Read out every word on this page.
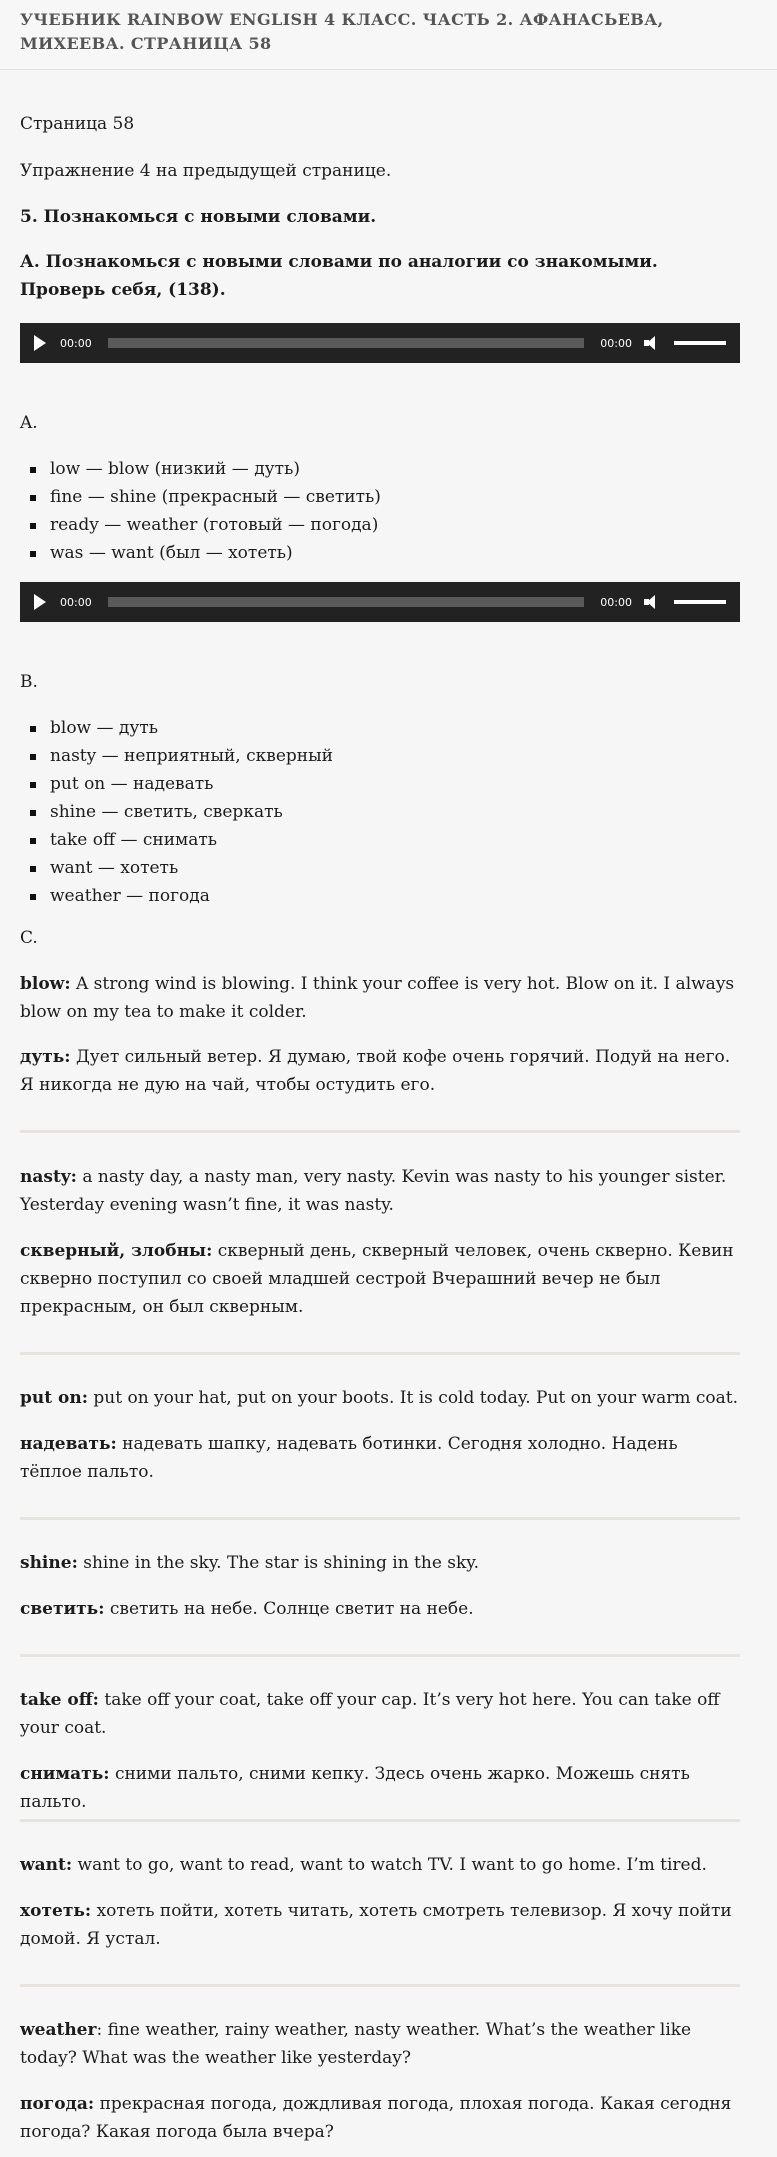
УЧЕБНИК RAINBOW ENGLISH 4 КЛАСС. ЧАСТЬ 2. АФАНАСЬЕВА, МИХЕЕВА. СТРАНИЦА 58

Страница 58

Упражнение 4 на предыдущей странице.

5. Познакомься с новыми словами.

А. Познакомься с новыми словами по аналогии со знакомыми. Проверь себя, (138).

00:00	00:00

A.

low — blow (низкий — дуть)
fine — shine (прекрасный — светить)
ready — weather (готовый — погода)
was — want (был — хотеть)
00:00	00:00

B.

blow — дуть
nasty — неприятный, скверный
put on — надевать
shine — светить, сверкать
take off — снимать
want — хотеть
weather — погода

C.

blow: A strong wind is blowing. I think your coffee is very hot. Blow on it. I always blow on my tea to make it colder.

дуть: Дует сильный ветер. Я думаю, твой кофе очень горячий. Подуй на него. Я никогда не дую на чай, чтобы остудить его.

nasty: a nasty day, a nasty man, very nasty. Kevin was nasty to his younger sister. Yesterday evening wasn’t fine, it was nasty.

скверный, злобны: скверный день, скверный человек, очень скверно. Кевин скверно поступил со своей младшей сестрой Вчерашний вечер не был прекрасным, он был скверным.

put on: put on your hat, put on your boots. It is cold today. Put on your warm coat.

надевать: надевать шапку, надевать ботинки. Сегодня холодно. Надень тёплое пальто.

shine: shine in the sky. The star is shining in the sky.

светить: светить на небе. Солнце светит на небе.

take off: take off your coat, take off your cap. It’s very hot here. You can take off your coat.

снимать: сними пальто, сними кепку. Здесь очень жарко. Можешь снять пальто.

want: want to go, want to read, want to watch TV. I want to go home. I’m tired.

хотеть: хотеть пойти, хотеть читать, хотеть смотреть телевизор. Я хочу пойти домой. Я устал.

weather: fine weather, rainy weather, nasty weather. What’s the weather like today? What was the weather like yesterday?

погода: прекрасная погода, дождливая погода, плохая погода. Какая сегодня погода? Какая погода была вчера?
